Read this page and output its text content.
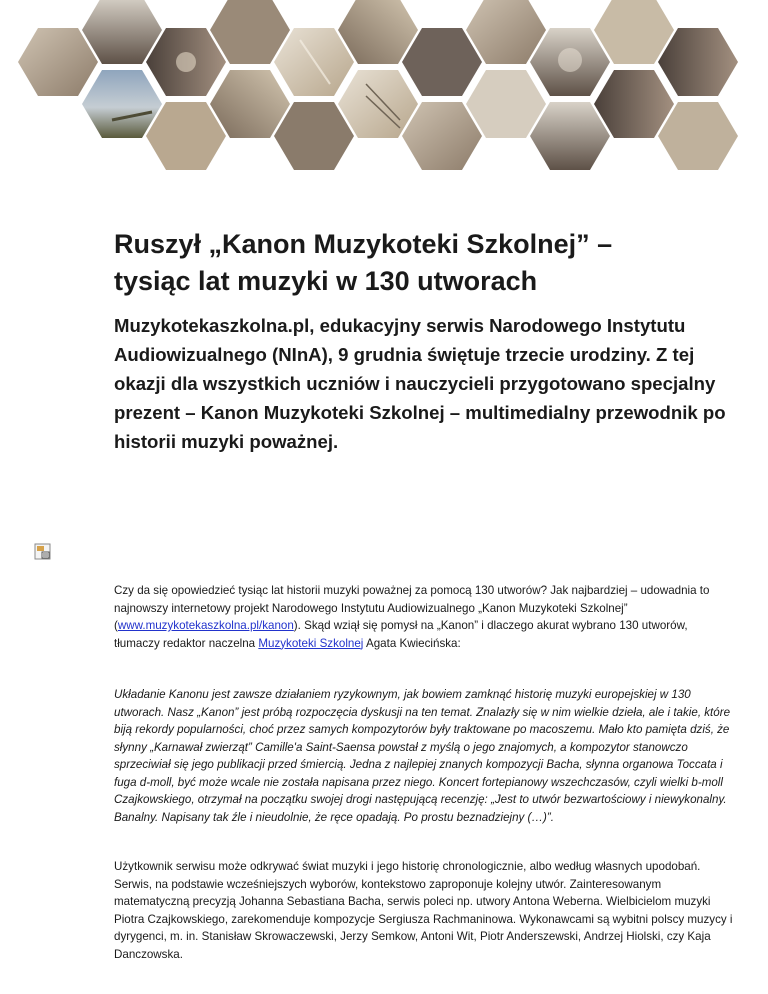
Ruszył „Kanon Muzykoteki Szkolnej” – tysiąc lat muzyki w 130 utworach

Muzykotekaszkolna.pl, edukacyjny serwis Narodowego Instytutu Audiowizualnego (NInA), 9 grudnia świętuje trzecie urodziny. Z tej okazji dla wszystkich uczniów i nauczycieli przygotowano specjalny prezent – Kanon Muzykoteki Szkolnej – multimedialny przewodnik po historii muzyki poważnej.

Czy da się opowiedzieć tysiąc lat historii muzyki poważnej za pomocą 130 utworów? Jak najbardziej – udowadnia to najnowszy internetowy projekt Narodowego Instytutu Audiowizualnego „Kanon Muzykoteki Szkolnej” (www.muzykotekaszkolna.pl/kanon). Skąd wziął się pomysł na „Kanon” i dlaczego akurat wybrano 130 utworów, tłumaczy redaktor naczelna Muzykoteki Szkolnej Agata Kwiecińska:

Układanie Kanonu jest zawsze działaniem ryzykownym, jak bowiem zamknąć historię muzyki europejskiej w 130 utworach. Nasz „Kanon” jest próbą rozpoczęcia dyskusji na ten temat. Znalazły się w nim wielkie dzieła, ale i takie, które biją rekordy popularności, choć przez samych kompozytorów były traktowane po macoszemu. Mało kto pamięta dziś, że słynny „Karnawał zwierząt” Camille'a Saint-Saensa powstał z myślą o jego znajomych, a kompozytor stanowczo sprzeciwiał się jego publikacji przed śmiercią. Jedna z najlepiej znanych kompozycji Bacha, słynna organowa Toccata i fuga d-moll, być może wcale nie została napisana przez niego. Koncert fortepianowy wszechczasów, czyli wielki b-moll Czajkowskiego, otrzymał na początku swojej drogi następującą recenzję: „Jest to utwór bezwartościowy i niewykonalny. Banalny. Napisany tak źle i nieudolnie, że ręce opadają. Po prostu beznadziejny (…)”.

Użytkownik serwisu może odkrywać świat muzyki i jego historię chronologicznie, albo według własnych upodobań. Serwis, na podstawie wcześniejszych wyborów, kontekstowo zaproponuje kolejny utwór. Zainteresowanym matematyczną precyzją Johanna Sebastiana Bacha, serwis poleci np. utwory Antona Weberna. Wielbicielom muzyki Piotra Czajkowskiego, zarekomenduje kompozycje Sergiusza Rachmaninowa. Wykonawcami są wybitni polscy muzycy i dyrygenci, m. in. Stanisław Skrowaczewski, Jerzy Semkow, Antoni Wit, Piotr Anderszewski, Andrzej Hiolski, czy Kaja Danczowska.
